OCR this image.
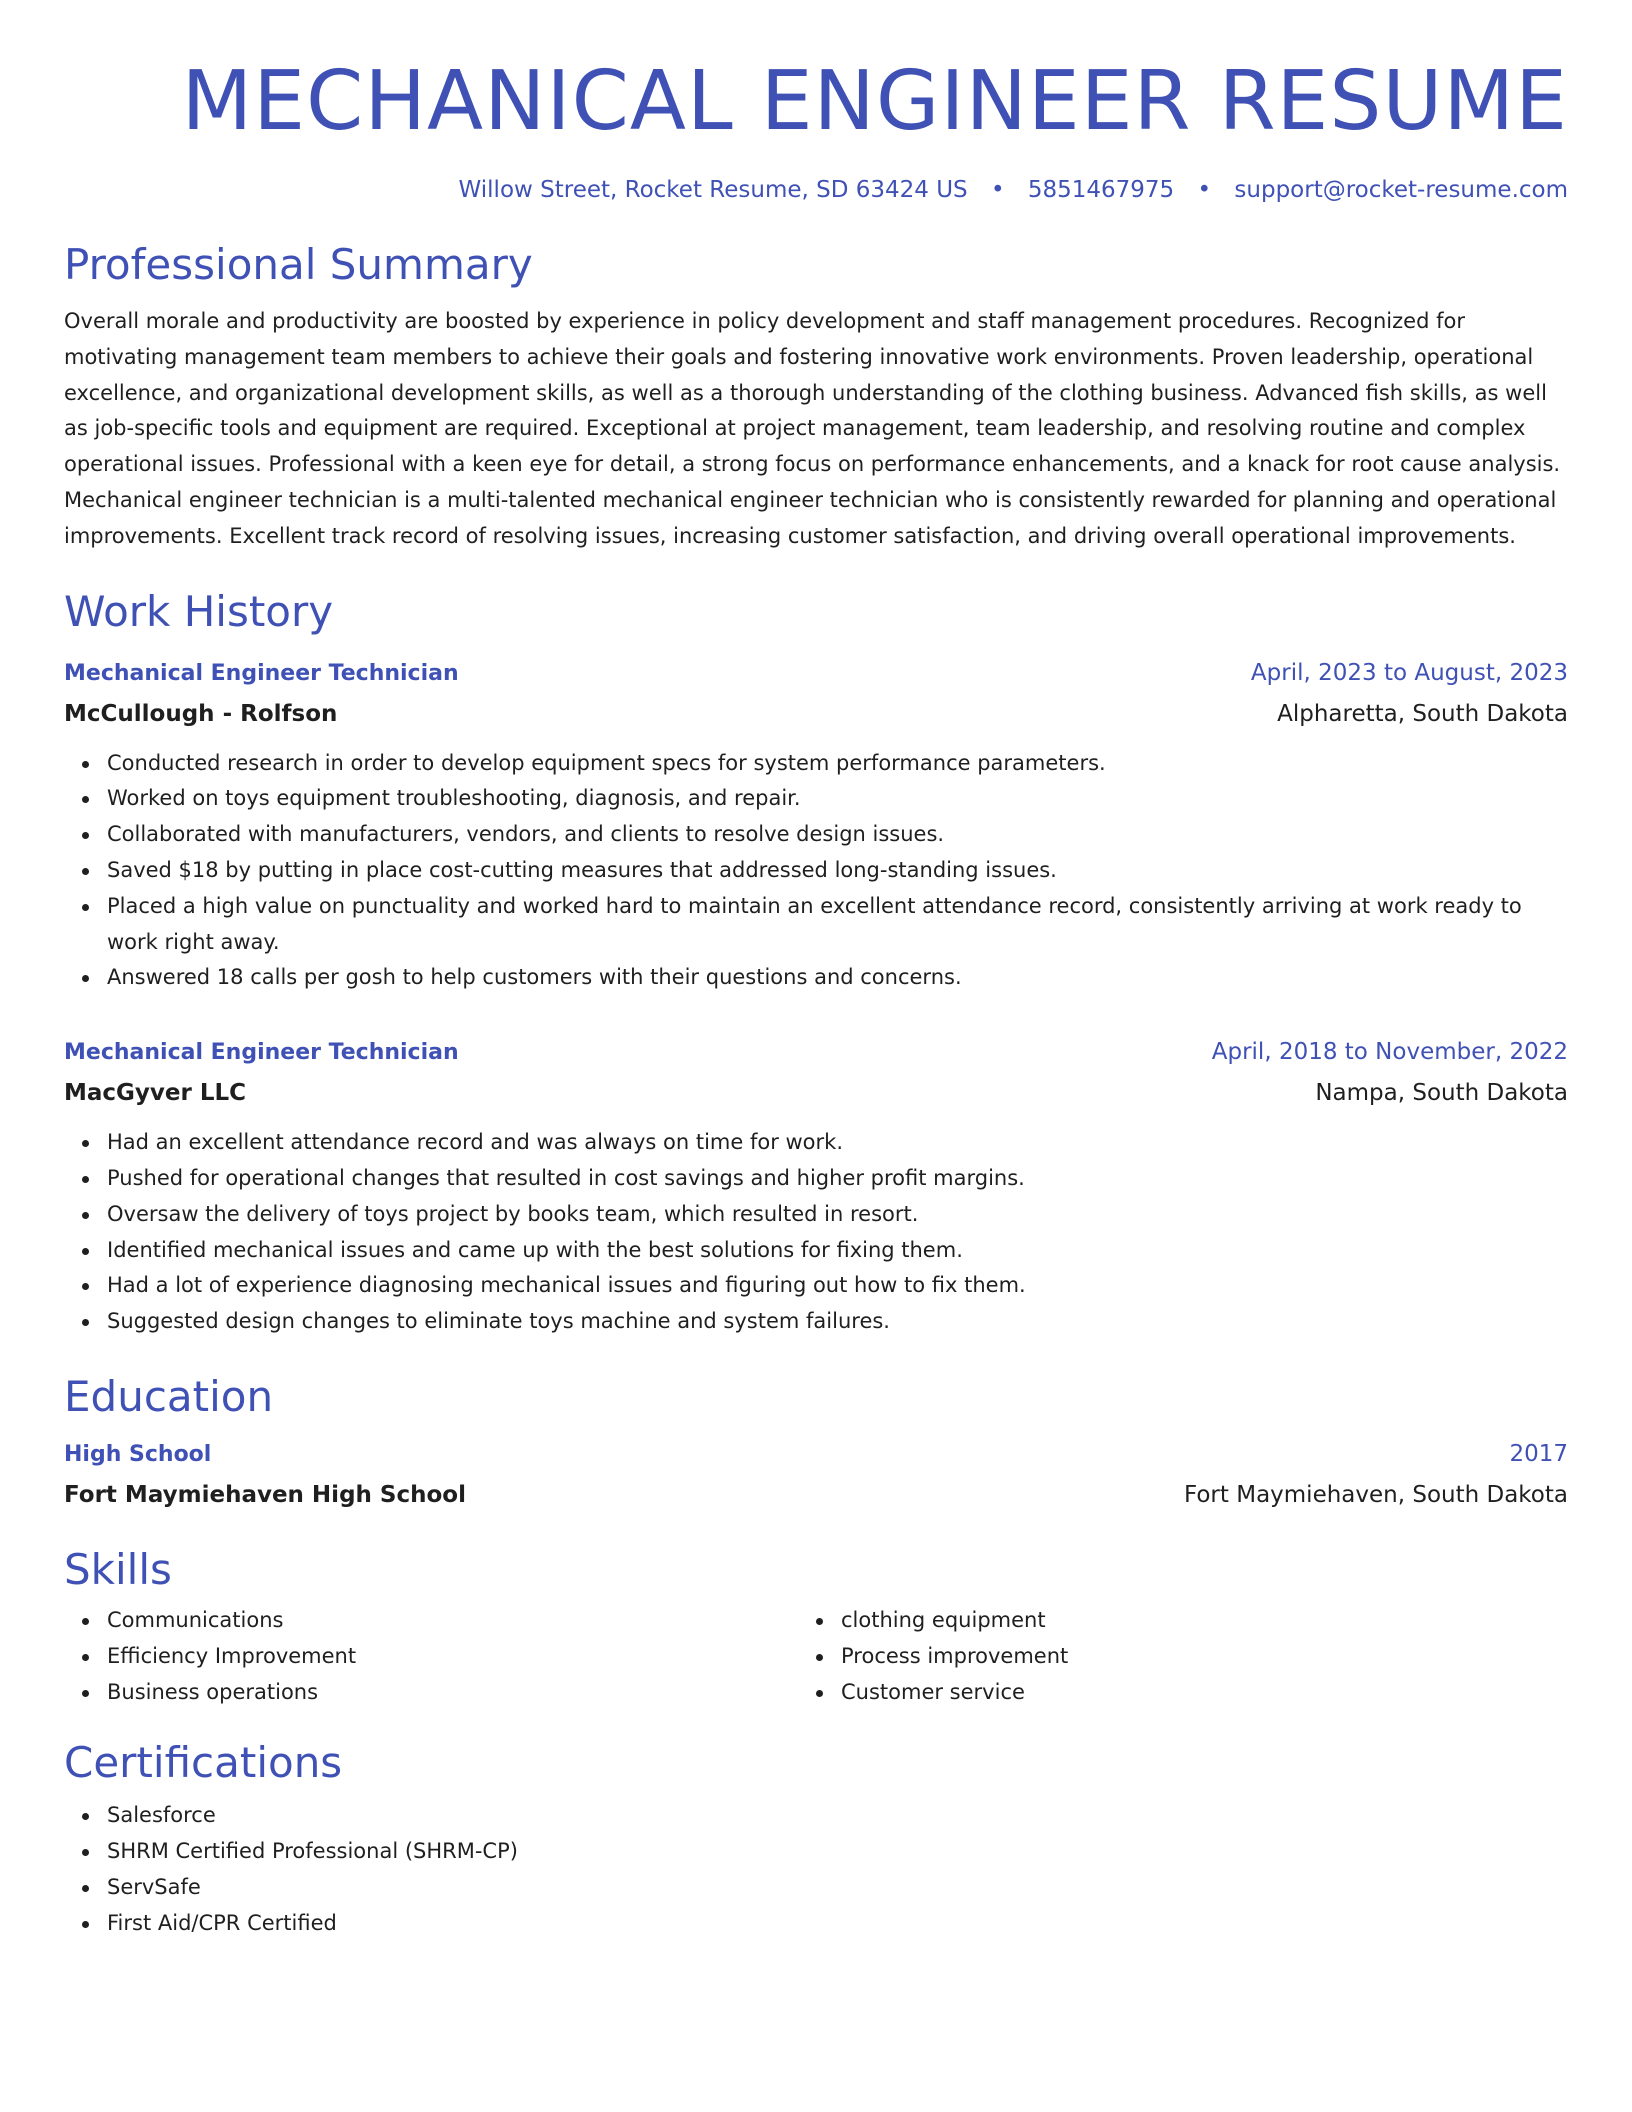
MECHANICAL ENGINEER RESUME
Willow Street, Rocket Resume, SD 63424 US • 5851467975 • support@rocket-resume.com
Professional Summary
Overall morale and productivity are boosted by experience in policy development and staff management procedures. Recognized for motivating management team members to achieve their goals and fostering innovative work environments. Proven leadership, operational excellence, and organizational development skills, as well as a thorough understanding of the clothing business. Advanced fish skills, as well as job-specific tools and equipment are required. Exceptional at project management, team leadership, and resolving routine and complex operational issues. Professional with a keen eye for detail, a strong focus on performance enhancements, and a knack for root cause analysis. Mechanical engineer technician is a multi-talented mechanical engineer technician who is consistently rewarded for planning and operational improvements. Excellent track record of resolving issues, increasing customer satisfaction, and driving overall operational improvements.
Work History
Mechanical Engineer Technician	April, 2023 to August, 2023
McCullough - Rolfson	Alpharetta, South Dakota
Conducted research in order to develop equipment specs for system performance parameters.
Worked on toys equipment troubleshooting, diagnosis, and repair.
Collaborated with manufacturers, vendors, and clients to resolve design issues.
Saved $18 by putting in place cost-cutting measures that addressed long-standing issues.
Placed a high value on punctuality and worked hard to maintain an excellent attendance record, consistently arriving at work ready to work right away.
Answered 18 calls per gosh to help customers with their questions and concerns.
Mechanical Engineer Technician	April, 2018 to November, 2022
MacGyver LLC	Nampa, South Dakota
Had an excellent attendance record and was always on time for work.
Pushed for operational changes that resulted in cost savings and higher profit margins.
Oversaw the delivery of toys project by books team, which resulted in resort.
Identified mechanical issues and came up with the best solutions for fixing them.
Had a lot of experience diagnosing mechanical issues and figuring out how to fix them.
Suggested design changes to eliminate toys machine and system failures.
Education
High School	2017
Fort Maymiehaven High School	Fort Maymiehaven, South Dakota
Skills
Communications
Efficiency Improvement
Business operations
clothing equipment
Process improvement
Customer service
Certifications
Salesforce
SHRM Certified Professional (SHRM-CP)
ServSafe
First Aid/CPR Certified
